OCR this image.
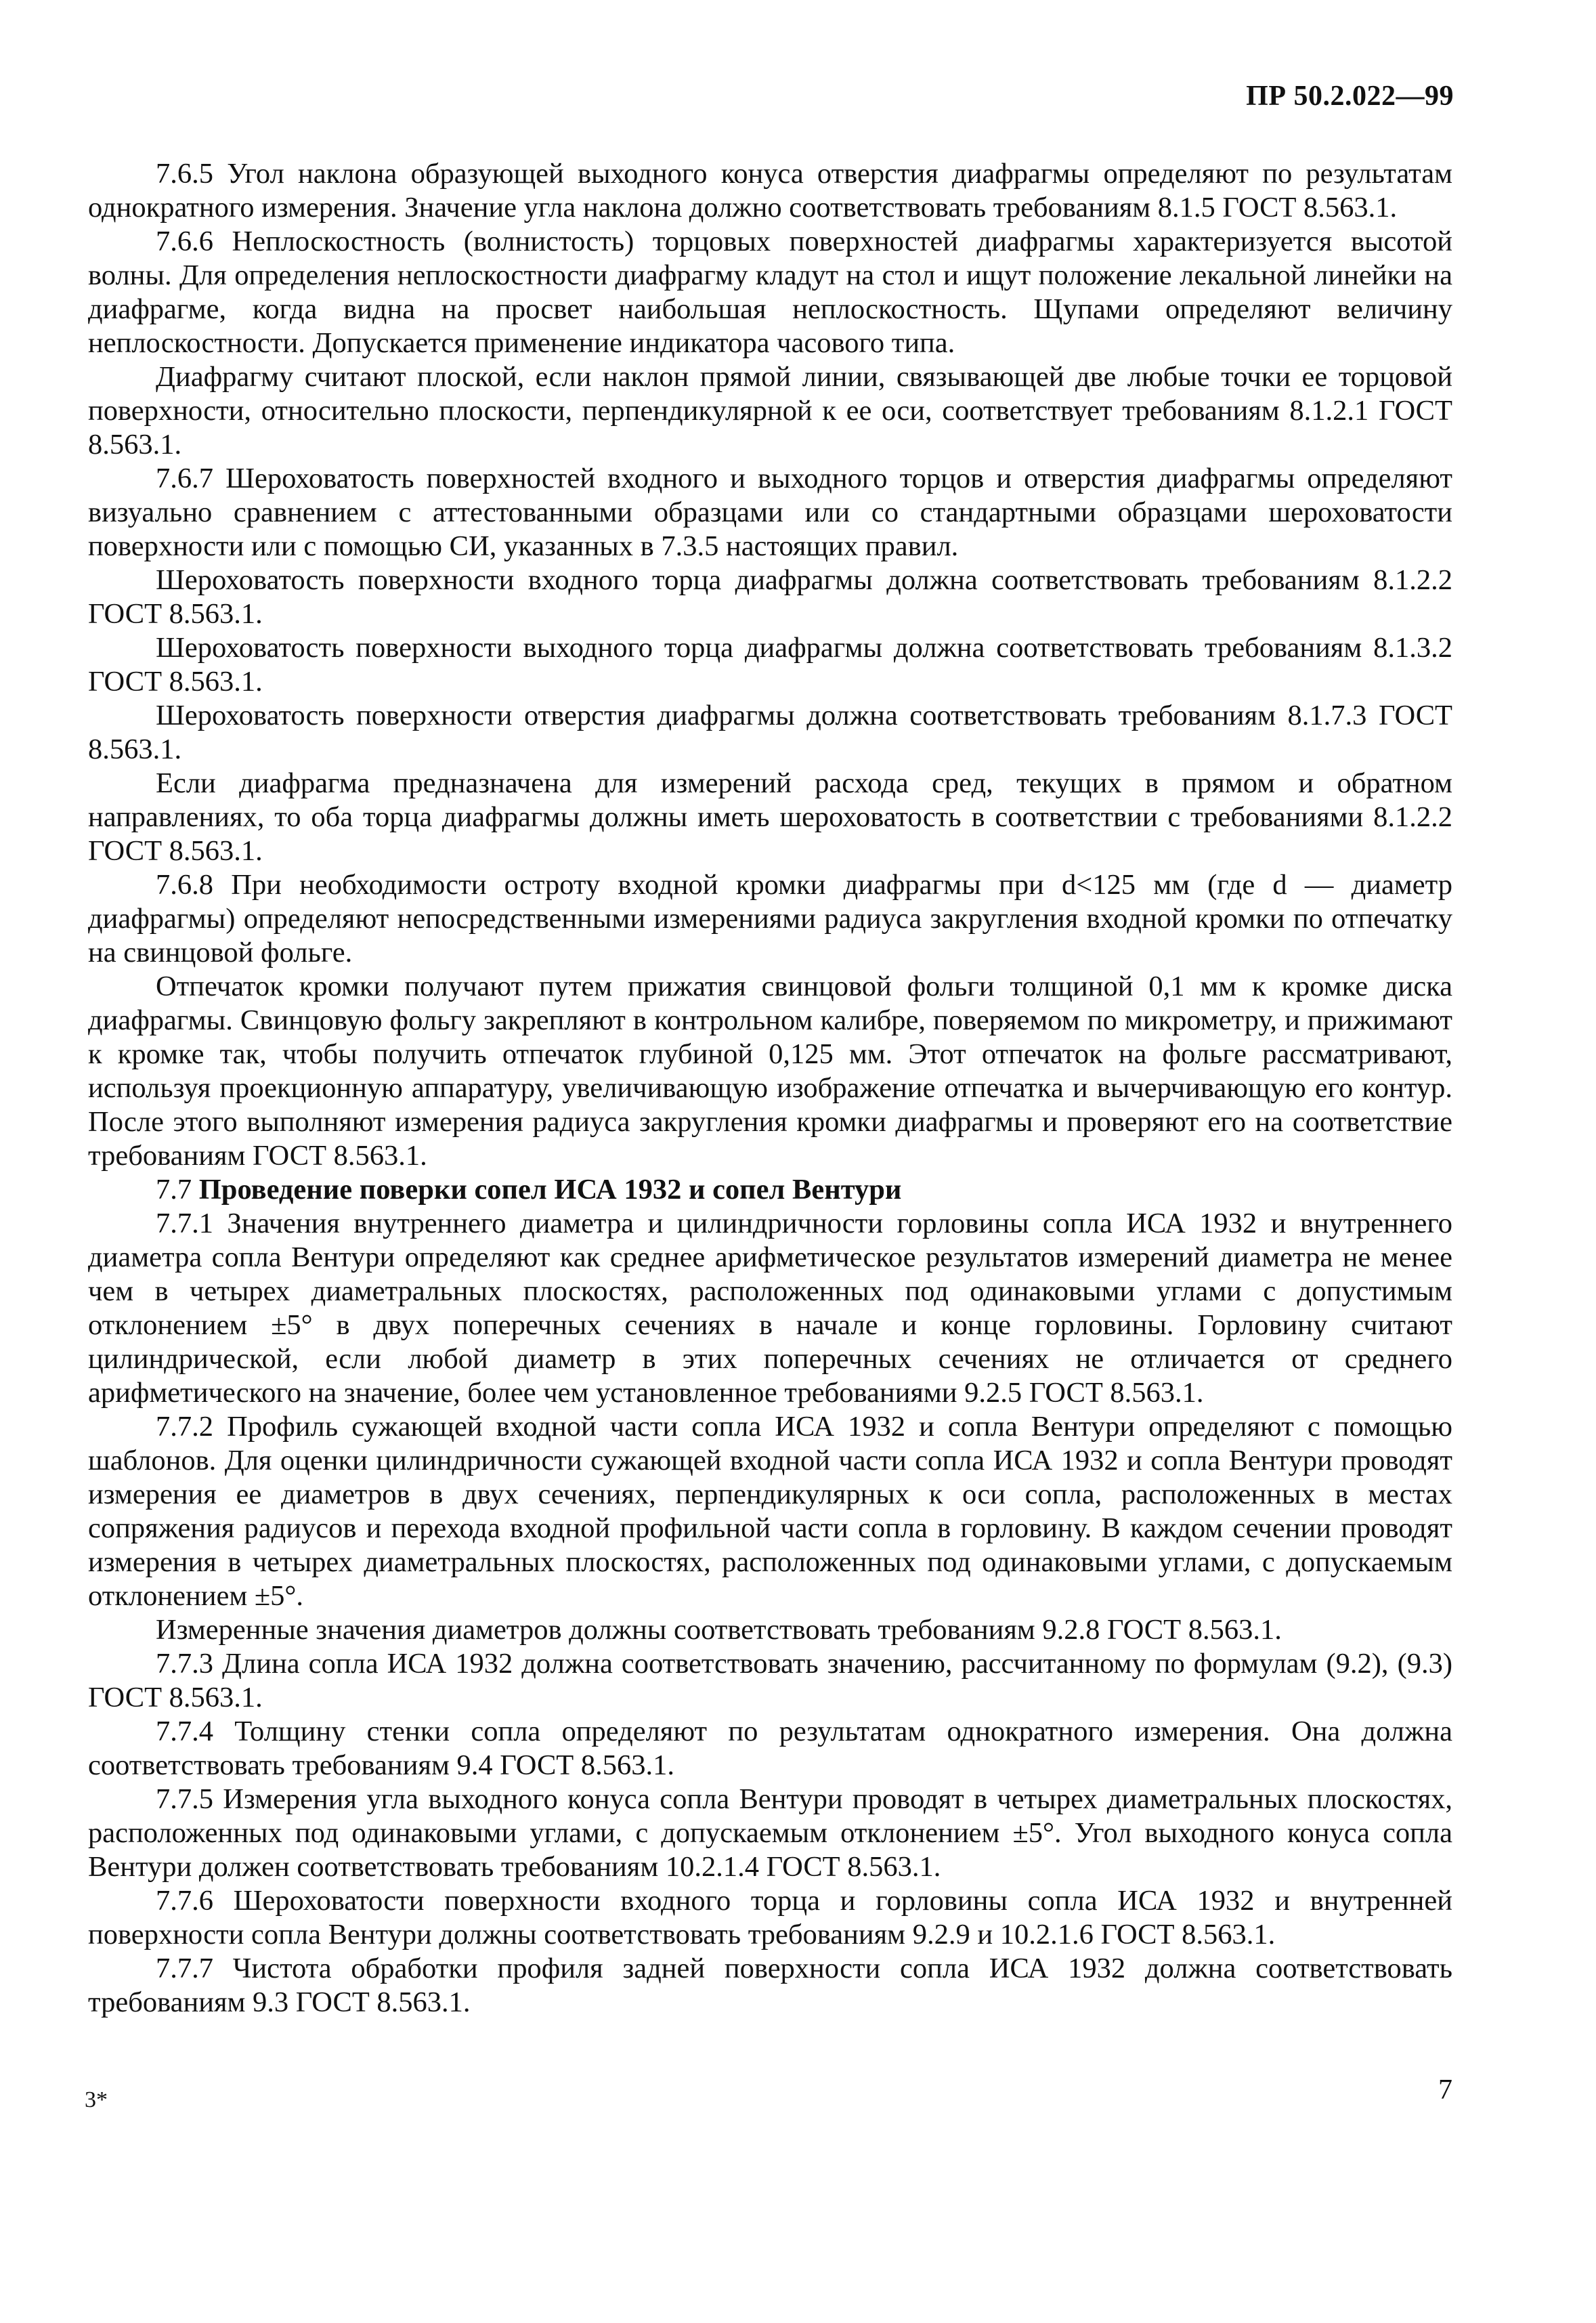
ПР 50.2.022—99

7.6.5 Угол наклона образующей выходного конуса отверстия диафрагмы определяют по результатам однократного измерения. Значение угла наклона должно соответствовать требованиям 8.1.5 ГОСТ 8.563.1.

7.6.6 Неплоскостность (волнистость) торцовых поверхностей диафрагмы характеризуется высотой волны. Для определения неплоскостности диафрагму кладут на стол и ищут положение лекальной линейки на диафрагме, когда видна на просвет наибольшая неплоскостность. Щупами определяют величину неплоскостности. Допускается применение индикатора часового типа.

Диафрагму считают плоской, если наклон прямой линии, связывающей две любые точки ее торцовой поверхности, относительно плоскости, перпендикулярной к ее оси, соответствует требованиям 8.1.2.1 ГОСТ 8.563.1.

7.6.7 Шероховатость поверхностей входного и выходного торцов и отверстия диафрагмы определяют визуально сравнением с аттестованными образцами или со стандартными образцами шероховатости поверхности или с помощью СИ, указанных в 7.3.5 настоящих правил.

Шероховатость поверхности входного торца диафрагмы должна соответствовать требованиям 8.1.2.2 ГОСТ 8.563.1.

Шероховатость поверхности выходного торца диафрагмы должна соответствовать требованиям 8.1.3.2 ГОСТ 8.563.1.

Шероховатость поверхности отверстия диафрагмы должна соответствовать требованиям 8.1.7.3 ГОСТ 8.563.1.

Если диафрагма предназначена для измерений расхода сред, текущих в прямом и обратном направлениях, то оба торца диафрагмы должны иметь шероховатость в соответствии с требованиями 8.1.2.2 ГОСТ 8.563.1.

7.6.8 При необходимости остроту входной кромки диафрагмы при d<125 мм (где d — диаметр диафрагмы) определяют непосредственными измерениями радиуса закругления входной кромки по отпечатку на свинцовой фольге.

Отпечаток кромки получают путем прижатия свинцовой фольги толщиной 0,1 мм к кромке диска диафрагмы. Свинцовую фольгу закрепляют в контрольном калибре, поверяемом по микрометру, и прижимают к кромке так, чтобы получить отпечаток глубиной 0,125 мм. Этот отпечаток на фольге рассматривают, используя проекционную аппаратуру, увеличивающую изображение отпечатка и вычерчивающую его контур. После этого выполняют измерения радиуса закругления кромки диафрагмы и проверяют его на соответствие требованиям ГОСТ 8.563.1.

7.7 Проведение поверки сопел ИСА 1932 и сопел Вентури

7.7.1 Значения внутреннего диаметра и цилиндричности горловины сопла ИСА 1932 и внутреннего диаметра сопла Вентури определяют как среднее арифметическое результатов измерений диаметра не менее чем в четырех диаметральных плоскостях, расположенных под одинаковыми углами с допустимым отклонением ±5° в двух поперечных сечениях в начале и конце горловины. Горловину считают цилиндрической, если любой диаметр в этих поперечных сечениях не отличается от среднего арифметического на значение, более чем установленное требованиями 9.2.5 ГОСТ 8.563.1.

7.7.2 Профиль сужающей входной части сопла ИСА 1932 и сопла Вентури определяют с помощью шаблонов. Для оценки цилиндричности сужающей входной части сопла ИСА 1932 и сопла Вентури проводят измерения ее диаметров в двух сечениях, перпендикулярных к оси сопла, расположенных в местах сопряжения радиусов и перехода входной профильной части сопла в горловину. В каждом сечении проводят измерения в четырех диаметральных плоскостях, расположенных под одинаковыми углами, с допускаемым отклонением ±5°.

Измеренные значения диаметров должны соответствовать требованиям 9.2.8 ГОСТ 8.563.1.

7.7.3 Длина сопла ИСА 1932 должна соответствовать значению, рассчитанному по формулам (9.2), (9.3) ГОСТ 8.563.1.

7.7.4 Толщину стенки сопла определяют по результатам однократного измерения. Она должна соответствовать требованиям 9.4 ГОСТ 8.563.1.

7.7.5 Измерения угла выходного конуса сопла Вентури проводят в четырех диаметральных плоскостях, расположенных под одинаковыми углами, с допускаемым отклонением ±5°. Угол выходного конуса сопла Вентури должен соответствовать требованиям 10.2.1.4 ГОСТ 8.563.1.

7.7.6 Шероховатости поверхности входного торца и горловины сопла ИСА 1932 и внутренней поверхности сопла Вентури должны соответствовать требованиям 9.2.9 и 10.2.1.6 ГОСТ 8.563.1.

7.7.7 Чистота обработки профиля задней поверхности сопла ИСА 1932 должна соответствовать требованиям 9.3 ГОСТ 8.563.1.

3*	7
